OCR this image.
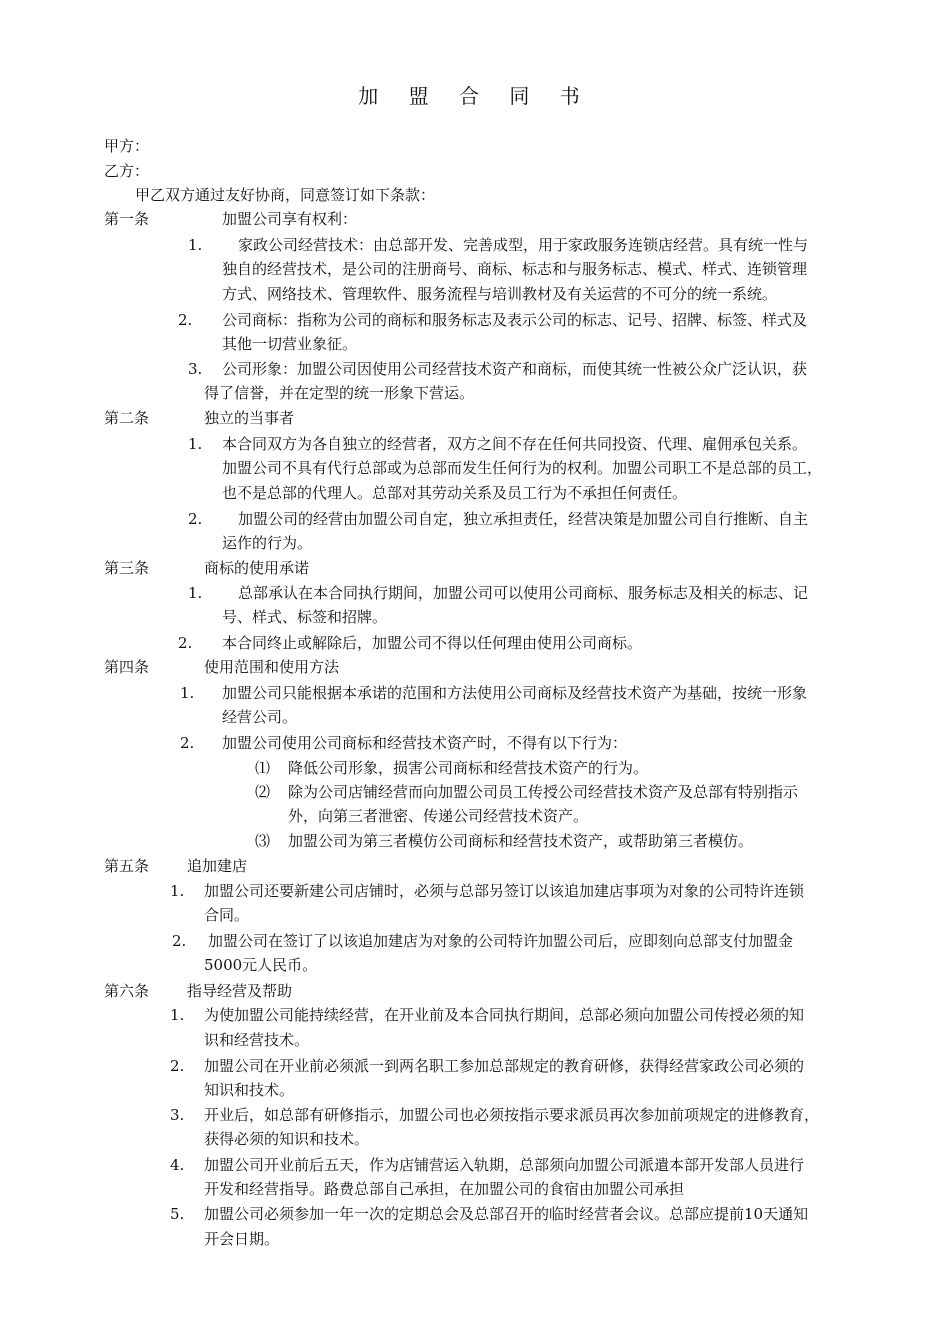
加 盟 合 同 书
甲方：
乙方：
甲乙双方通过友好协商，同意签订如下条款：
第一条	加盟公司享有权利：
1. 家政公司经营技术：由总部开发、完善成型，用于家政服务连锁店经营。具有统一性与
独自的经营技术，是公司的注册商号、商标、标志和与服务标志、模式、样式、连锁管理
方式、网络技术、管理软件、服务流程与培训教材及有关运营的不可分的统一系统。
2. 公司商标：指称为公司的商标和服务标志及表示公司的标志、记号、招牌、标签、样式及
其他一切营业象征。
3. 公司形象：加盟公司因使用公司经营技术资产和商标，而使其统一性被公众广泛认识，获
得了信誉，并在定型的统一形象下营运。
第二条	独立的当事者
1. 本合同双方为各自独立的经营者，双方之间不存在任何共同投资、代理、雇佣承包关系。
加盟公司不具有代行总部或为总部而发生任何行为的权利。加盟公司职工不是总部的员工，
也不是总部的代理人。总部对其劳动关系及员工行为不承担任何责任。
2. 加盟公司的经营由加盟公司自定，独立承担责任，经营决策是加盟公司自行推断、自主
运作的行为。
第三条	商标的使用承诺
1. 总部承认在本合同执行期间，加盟公司可以使用公司商标、服务标志及相关的标志、记
号、样式、标签和招牌。
2. 本合同终止或解除后，加盟公司不得以任何理由使用公司商标。
第四条	使用范围和使用方法
1. 加盟公司只能根据本承诺的范围和方法使用公司商标及经营技术资产为基础，按统一形象
经营公司。
2. 加盟公司使用公司商标和经营技术资产时，不得有以下行为：
⑴ 降低公司形象，损害公司商标和经营技术资产的行为。
⑵ 除为公司店铺经营而向加盟公司员工传授公司经营技术资产及总部有特别指示
外，向第三者泄密、传递公司经营技术资产。
⑶ 加盟公司为第三者模仿公司商标和经营技术资产，或帮助第三者模仿。
第五条	追加建店
1. 加盟公司还要新建公司店铺时，必须与总部另签订以该追加建店事项为对象的公司特许连锁
合同。
2. 加盟公司在签订了以该追加建店为对象的公司特许加盟公司后，应即刻向总部支付加盟金
5000元人民币。
第六条	指导经营及帮助
1. 为使加盟公司能持续经营，在开业前及本合同执行期间，总部必须向加盟公司传授必须的知
识和经营技术。
2. 加盟公司在开业前必须派一到两名职工参加总部规定的教育研修，获得经营家政公司必须的
知识和技术。
3. 开业后，如总部有研修指示，加盟公司也必须按指示要求派员再次参加前项规定的进修教育，
获得必须的知识和技术。
4. 加盟公司开业前后五天，作为店铺营运入轨期，总部须向加盟公司派遣本部开发部人员进行
开发和经营指导。路费总部自己承担，在加盟公司的食宿由加盟公司承担
5. 加盟公司必须参加一年一次的定期总会及总部召开的临时经营者会议。总部应提前10天通知
开会日期。
